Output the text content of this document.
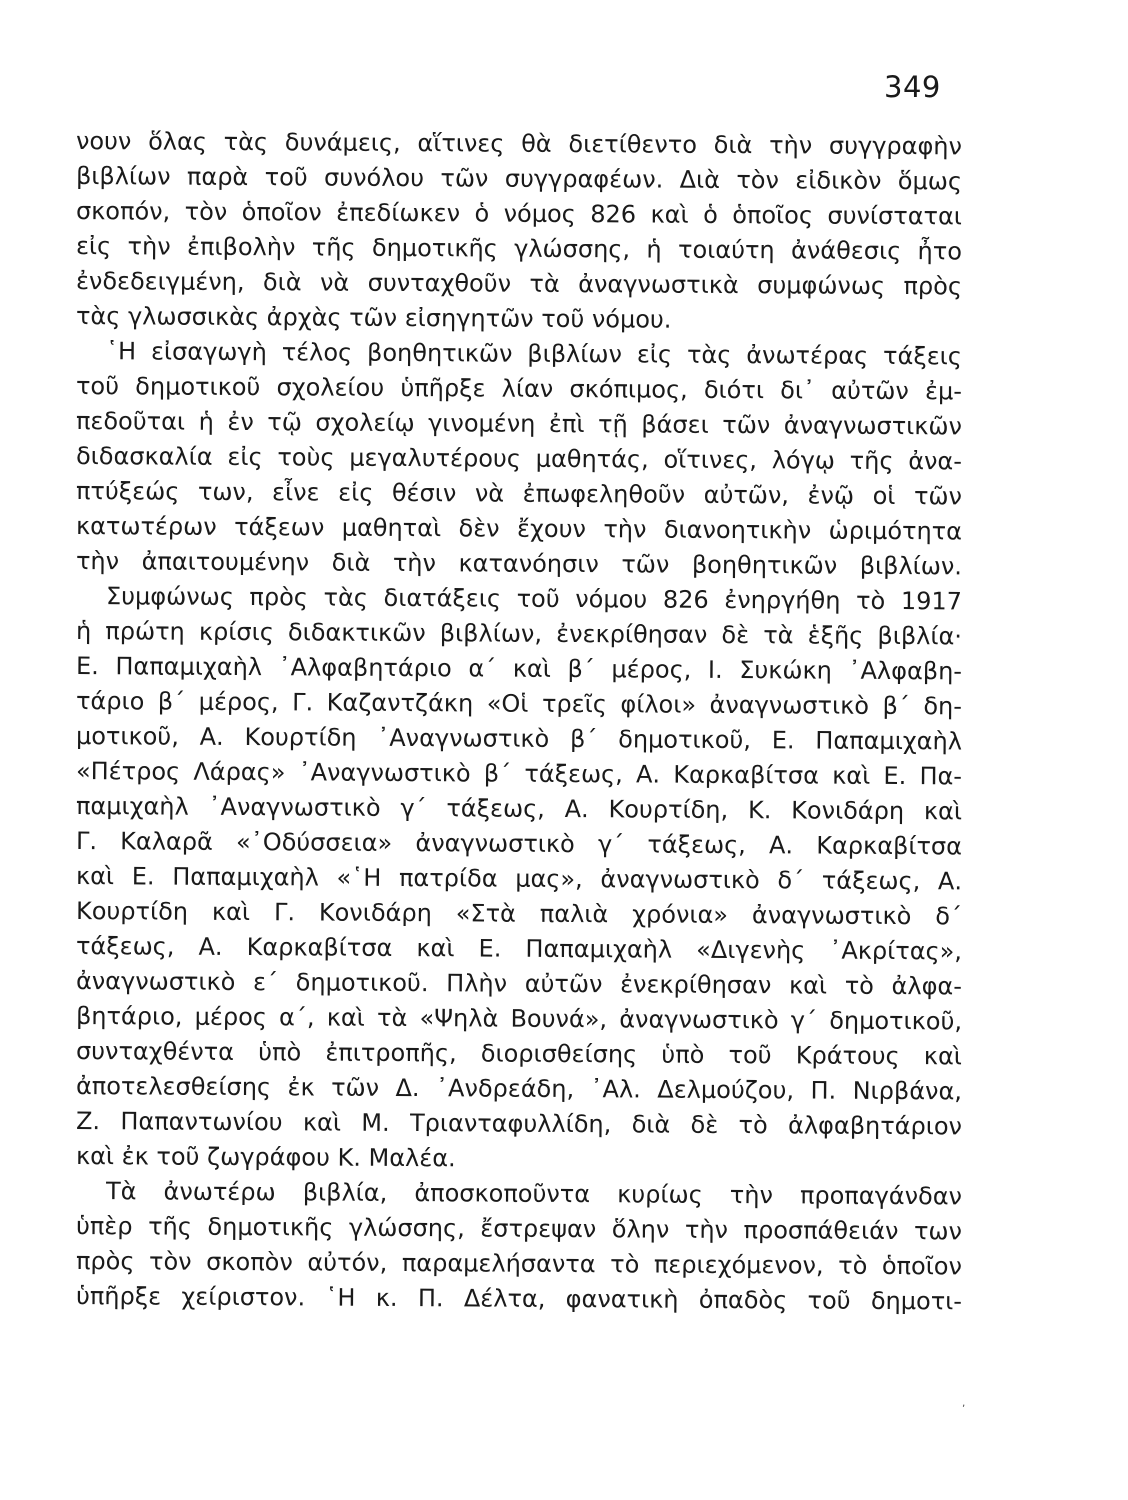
349
νουν ὅλας τὰς δυνάμεις, αἵτινες θὰ διετίθεντο διὰ τὴν συγγραφὴν
βιβλίων παρὰ τοῦ συνόλου τῶν συγγραφέων. Διὰ τὸν εἰδικὸν ὅμως
σκοπόν, τὸν ὁποῖον ἐπεδίωκεν ὁ νόμος 826 καὶ ὁ ὁποῖος συνίσταται
εἰς τὴν ἐπιβολὴν τῆς δημοτικῆς γλώσσης, ἡ τοιαύτη ἀνάθεσις ἦτο
ἐνδεδειγμένη, διὰ νὰ συνταχθοῦν τὰ ἀναγνωστικὰ συμφώνως πρὸς
τὰς γλωσσικὰς ἀρχὰς τῶν εἰσηγητῶν τοῦ νόμου.
῾Η εἰσαγωγὴ τέλος βοηθητικῶν βιβλίων εἰς τὰς ἀνωτέρας τάξεις
τοῦ δημοτικοῦ σχολείου ὑπῆρξε λίαν σκόπιμος, διότι δι᾽ αὐτῶν ἐμ-
πεδοῦται ἡ ἐν τῷ σχολείῳ γινομένη ἐπὶ τῇ βάσει τῶν ἀναγνωστικῶν
διδασκαλία εἰς τοὺς μεγαλυτέρους μαθητάς, οἵτινες, λόγῳ τῆς ἀνα-
πτύξεώς των, εἶνε εἰς θέσιν νὰ ἐπωφεληθοῦν αὐτῶν, ἐνῷ οἱ τῶν
κατωτέρων τάξεων μαθηταὶ δὲν ἔχουν τὴν διανοητικὴν ὡριμότητα
τὴν ἀπαιτουμένην διὰ τὴν κατανόησιν τῶν βοηθητικῶν βιβλίων.
Συμφώνως πρὸς τὰς διατάξεις τοῦ νόμου 826 ἐνηργήθη τὸ 1917
ἡ πρώτη κρίσις διδακτικῶν βιβλίων, ἐνεκρίθησαν δὲ τὰ ἑξῆς βιβλία·
Ε. Παπαμιχαὴλ ᾽Αλφαβητάριο α΄ καὶ β΄ μέρος, Ι. Συκώκη ᾽Αλφαβη-
τάριο β΄ μέρος, Γ. Καζαντζάκη «Οἱ τρεῖς φίλοι» ἀναγνωστικὸ β΄ δη-
μοτικοῦ, Α. Κουρτίδη ᾽Αναγνωστικὸ β΄ δημοτικοῦ, Ε. Παπαμιχαὴλ
«Πέτρος Λάρας» ᾽Αναγνωστικὸ β΄ τάξεως, Α. Καρκαβίτσα καὶ Ε. Πα-
παμιχαὴλ ᾽Αναγνωστικὸ γ΄ τάξεως, Α. Κουρτίδη, Κ. Κονιδάρη καὶ
Γ. Καλαρᾶ «᾽Οδύσσεια» ἀναγνωστικὸ γ΄ τάξεως, Α. Καρκαβίτσα
καὶ Ε. Παπαμιχαὴλ «῾Η πατρίδα μας», ἀναγνωστικὸ δ΄ τάξεως, Α.
Κουρτίδη καὶ Γ. Κονιδάρη «Στὰ παλιὰ χρόνια» ἀναγνωστικὸ δ΄
τάξεως, Α. Καρκαβίτσα καὶ Ε. Παπαμιχαὴλ «Διγενὴς ᾽Ακρίτας»,
ἀναγνωστικὸ ε΄ δημοτικοῦ. Πλὴν αὐτῶν ἐνεκρίθησαν καὶ τὸ ἀλφα-
βητάριο, μέρος α΄, καὶ τὰ «Ψηλὰ Βουνά», ἀναγνωστικὸ γ΄ δημοτικοῦ,
συνταχθέντα ὑπὸ ἐπιτροπῆς, διορισθείσης ὑπὸ τοῦ Κράτους καὶ
ἀποτελεσθείσης ἐκ τῶν Δ. ᾽Ανδρεάδη, ᾽Αλ. Δελμούζου, Π. Νιρβάνα,
Ζ. Παπαντωνίου καὶ Μ. Τριανταφυλλίδη, διὰ δὲ τὸ ἀλφαβητάριον
καὶ ἐκ τοῦ ζωγράφου Κ. Μαλέα.
Τὰ ἀνωτέρω βιβλία, ἀποσκοποῦντα κυρίως τὴν προπαγάνδαν
ὑπὲρ τῆς δημοτικῆς γλώσσης, ἔστρεψαν ὅλην τὴν προσπάθειάν των
πρὸς τὸν σκοπὸν αὐτόν, παραμελήσαντα τὸ περιεχόμενον, τὸ ὁποῖον
ὑπῆρξε χείριστον. ῾Η κ. Π. Δέλτα, φανατικὴ ὀπαδὸς τοῦ δημοτι-
‚
